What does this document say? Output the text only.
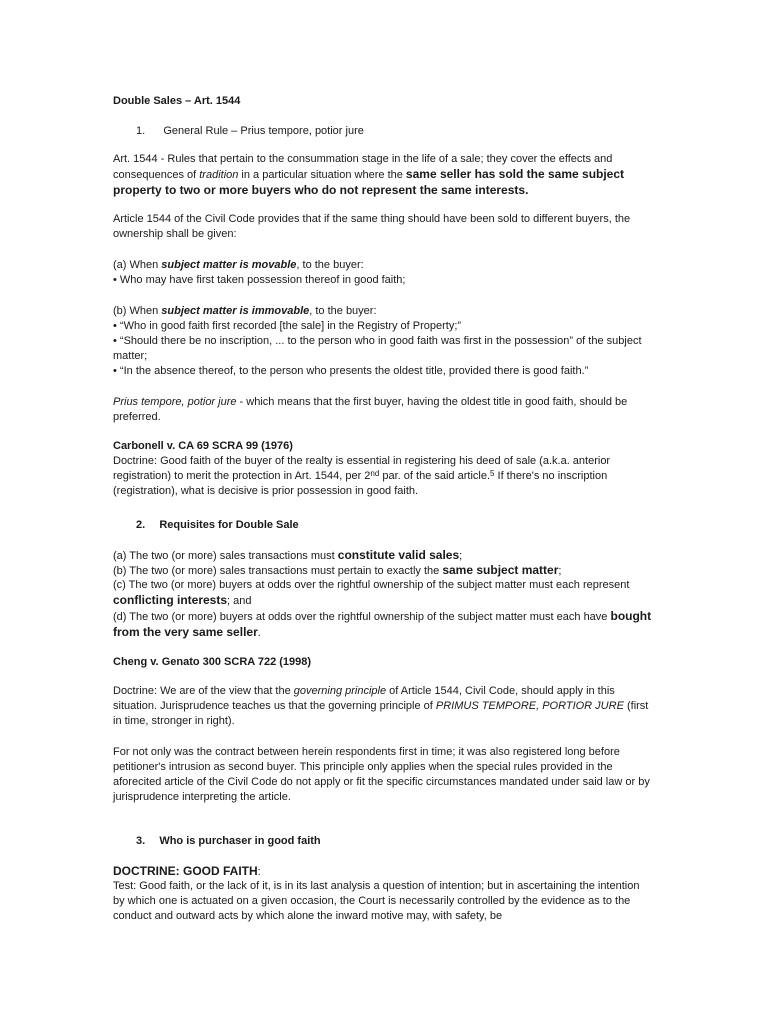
Double Sales – Art. 1544

1. General Rule – Prius tempore, potior jure

Art. 1544 - Rules that pertain to the consummation stage in the life of a sale; they cover the effects and consequences of tradition in a particular situation where the same seller has sold the same subject property to two or more buyers who do not represent the same interests.

Article 1544 of the Civil Code provides that if the same thing should have been sold to different buyers, the ownership shall be given:

(a) When subject matter is movable, to the buyer:

• Who may have first taken possession thereof in good faith;

(b) When subject matter is immovable, to the buyer:

• “Who in good faith first recorded [the sale] in the Registry of Property;”

• “Should there be no inscription, ... to the person who in good faith was first in the possession” of the subject matter;

• “In the absence thereof, to the person who presents the oldest title, provided there is good faith.”

Prius tempore, potior jure - which means that the first buyer, having the oldest title in good faith, should be preferred.

Carbonell v. CA 69 SCRA 99 (1976)

Doctrine: Good faith of the buyer of the realty is essential in registering his deed of sale (a.k.a. anterior registration) to merit the protection in Art. 1544, per 2nd par. of the said article.$^5$ If there's no inscription (registration), what is decisive is prior possession in good faith.

2. Requisites for Double Sale

(a) The two (or more) sales transactions must constitute valid sales;

(b) The two (or more) sales transactions must pertain to exactly the same subject matter;

(c) The two (or more) buyers at odds over the rightful ownership of the subject matter must each represent conflicting interests; and

(d) The two (or more) buyers at odds over the rightful ownership of the subject matter must each have bought from the very same seller.

Cheng v. Genato 300 SCRA 722 (1998)

Doctrine: We are of the view that the governing principle of Article 1544, Civil Code, should apply in this situation. Jurisprudence teaches us that the governing principle of PRIMUS TEMPORE, PORTIOR JURE (first in time, stronger in right).

For not only was the contract between herein respondents first in time; it was also registered long before petitioner's intrusion as second buyer. This principle only applies when the special rules provided in the aforecited article of the Civil Code do not apply or fit the specific circumstances mandated under said law or by jurisprudence interpreting the article.

3. Who is purchaser in good faith

DOCTRINE: GOOD FAITH:

Test: Good faith, or the lack of it, is in its last analysis a question of intention; but in ascertaining the intention by which one is actuated on a given occasion, the Court is necessarily controlled by the evidence as to the conduct and outward acts by which alone the inward motive may, with safety, be
